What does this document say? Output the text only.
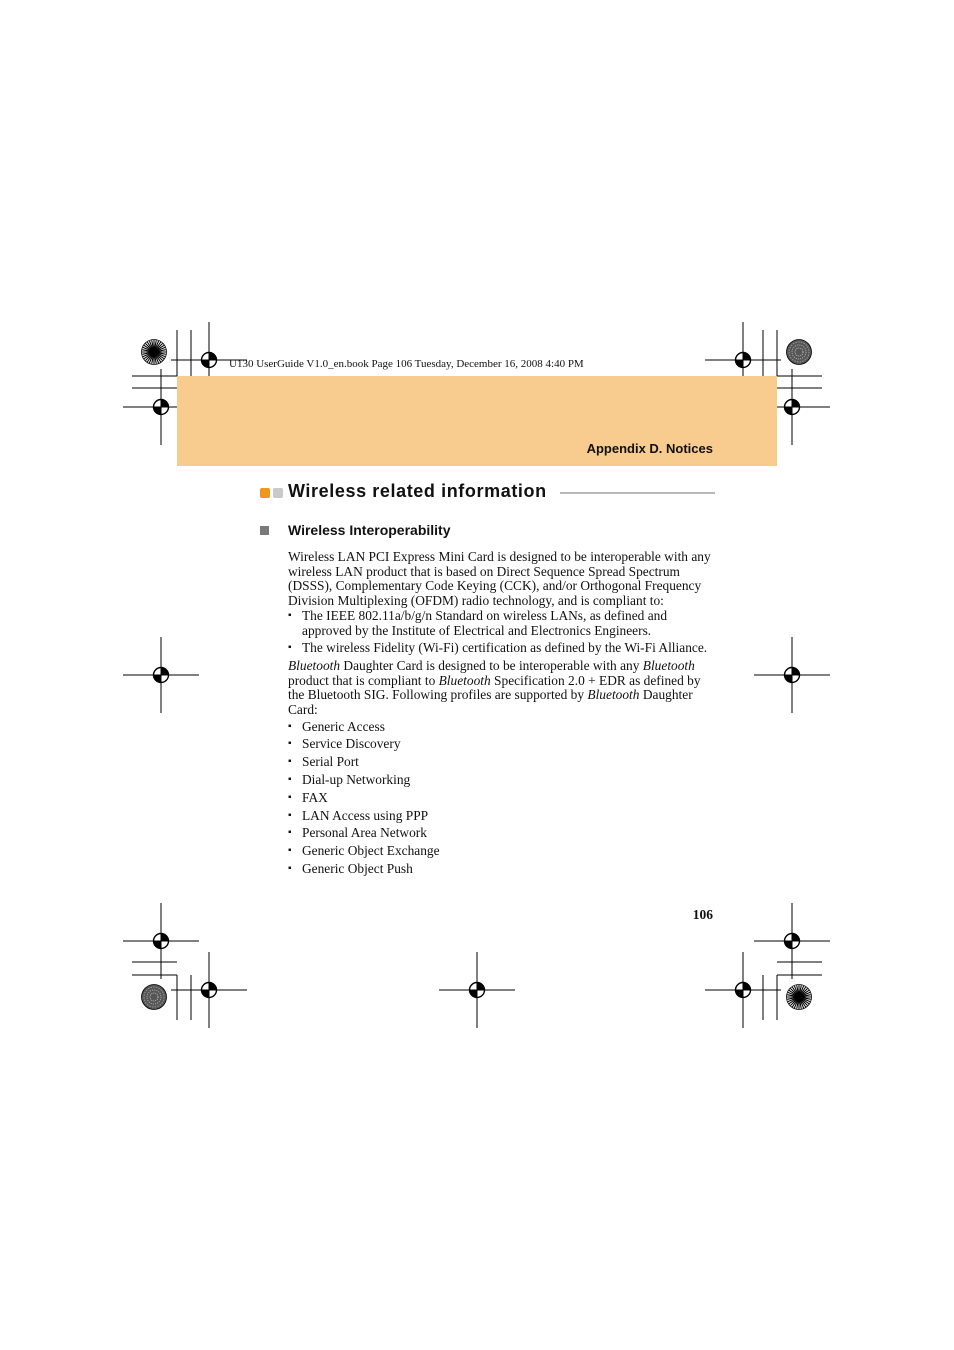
U130 UserGuide V1.0_en.book Page 106 Tuesday, December 16, 2008 4:40 PM
Appendix D. Notices
Wireless related information
Wireless Interoperability

Wireless LAN PCI Express Mini Card is designed to be interoperable with any wireless LAN product that is based on Direct Sequence Spread Spectrum (DSSS), Complementary Code Keying (CCK), and/or Orthogonal Frequency Division Multiplexing (OFDM) radio technology, and is compliant to:

▪ The IEEE 802.11a/b/g/n Standard on wireless LANs, as defined and approved by the Institute of Electrical and Electronics Engineers.
▪ The wireless Fidelity (Wi-Fi) certification as defined by the Wi-Fi Alliance.

Bluetooth Daughter Card is designed to be interoperable with any Bluetooth product that is compliant to Bluetooth Specification 2.0 + EDR as defined by the Bluetooth SIG. Following profiles are supported by Bluetooth Daughter Card:

▪ Generic Access
▪ Service Discovery
▪ Serial Port
▪ Dial-up Networking
▪ FAX
▪ LAN Access using PPP
▪ Personal Area Network
▪ Generic Object Exchange
▪ Generic Object Push
106
